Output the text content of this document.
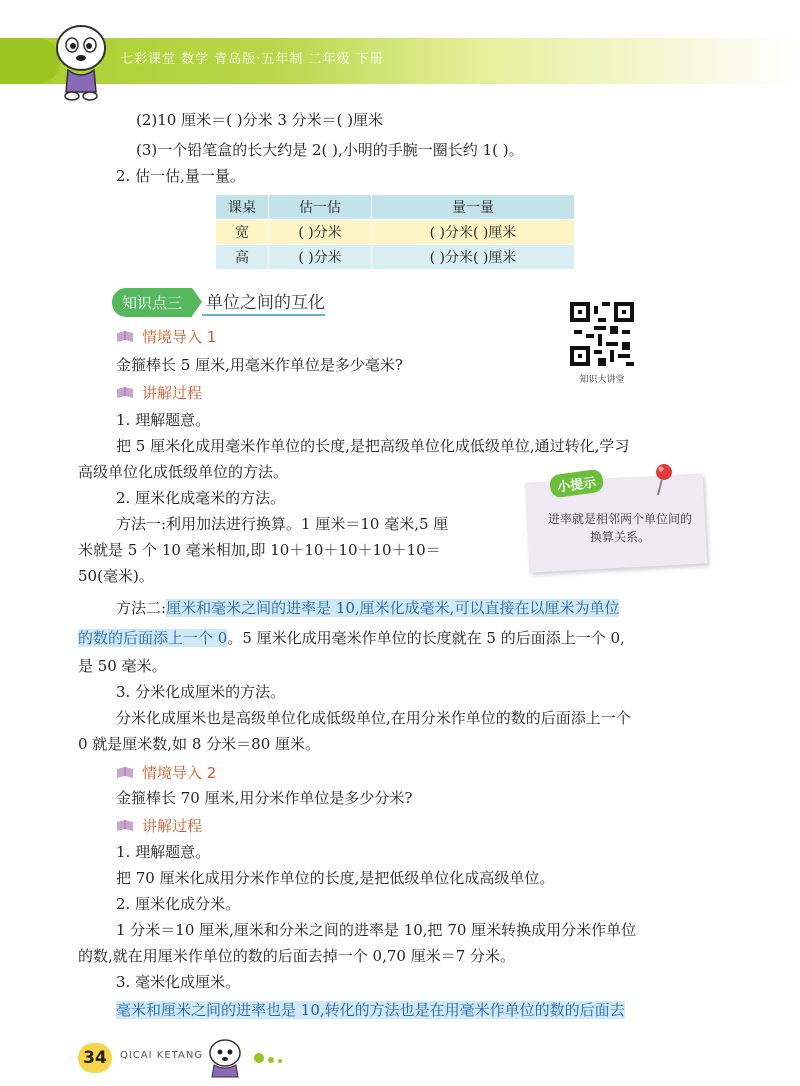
七彩课堂 数学 青岛版·五年制 二年级 下册
(2)10 厘米＝( )分米 3 分米＝( )厘米
(3)一个铅笔盒的长大约是 2( ),小明的手腕一圈长约 1( )。
2. 估一估,量一量。
课桌	估一估	量一量
宽	( )分米	( )分米( )厘米
高	( )分米	( )分米( )厘米
知识点三	单位之间的互化
知识大讲堂
情境导入 1
金箍棒长 5 厘米,用毫米作单位是多少毫米?
讲解过程
1. 理解题意。
把 5 厘米化成用毫米作单位的长度,是把高级单位化成低级单位,通过转化,学习
高级单位化成低级单位的方法。
2. 厘米化成毫米的方法。
方法一:利用加法进行换算。1 厘米＝10 毫米,5 厘
米就是 5 个 10 毫米相加,即 10＋10＋10＋10＋10＝
50(毫米)。
方法二:厘米和毫米之间的进率是 10,厘米化成毫米,可以直接在以厘米为单位
的数的后面添上一个 0。5 厘米化成用毫米作单位的长度就在 5 的后面添上一个 0,
是 50 毫米。
3. 分米化成厘米的方法。
分米化成厘米也是高级单位化成低级单位,在用分米作单位的数的后面添上一个
0 就是厘米数,如 8 分米＝80 厘米。
小提示
进率就是相邻两个单位间的换算关系。
情境导入 2
金箍棒长 70 厘米,用分米作单位是多少分米?
讲解过程
1. 理解题意。
把 70 厘米化成用分米作单位的长度,是把低级单位化成高级单位。
2. 厘米化成分米。
1 分米＝10 厘米,厘米和分米之间的进率是 10,把 70 厘米转换成用分米作单位
的数,就在用厘米作单位的数的后面去掉一个 0,70 厘米＝7 分米。
3. 毫米化成厘米。
毫米和厘米之间的进率也是 10,转化的方法也是在用毫米作单位的数的后面去
34	QICAI KETANG
